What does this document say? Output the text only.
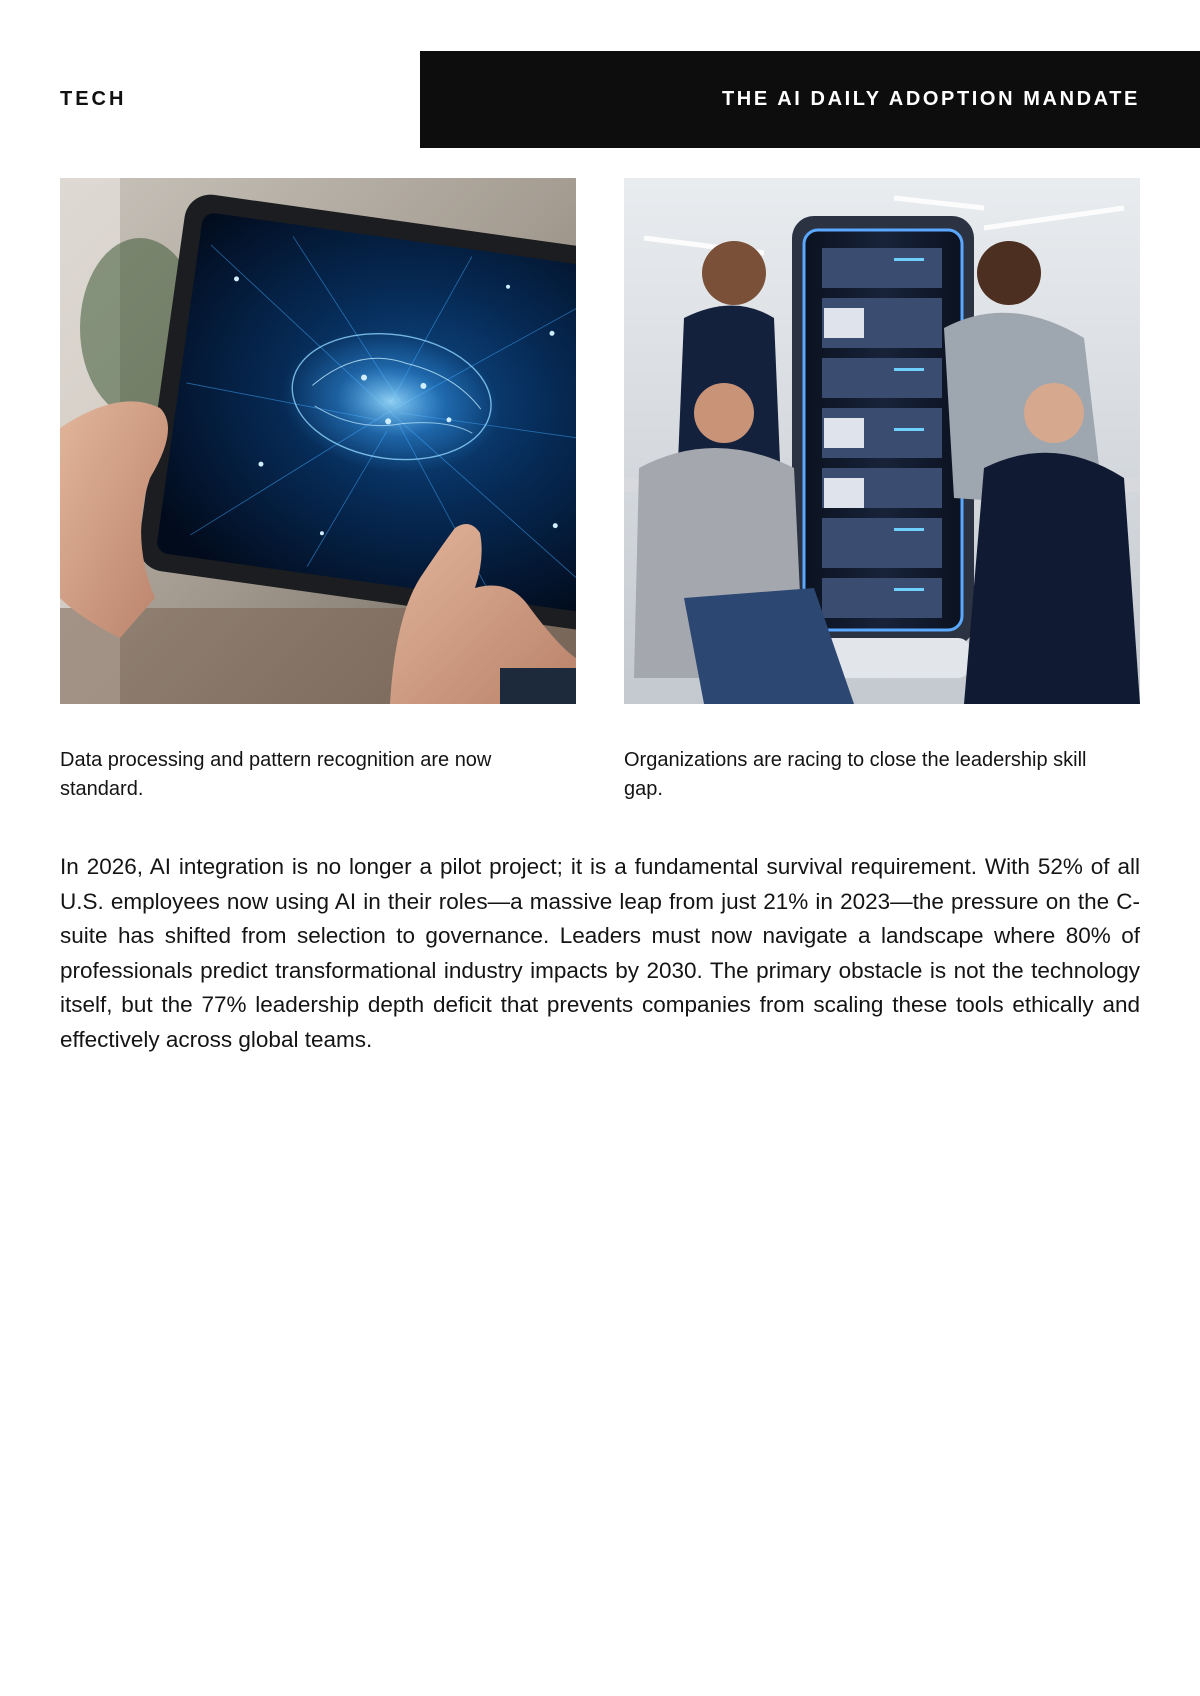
TECH	THE AI DAILY ADOPTION MANDATE
Data processing and pattern recognition are now standard.
Organizations are racing to close the leadership skill gap.

In 2026, AI integration is no longer a pilot project; it is a fundamental survival requirement. With 52% of all U.S. employees now using AI in their roles—a massive leap from just 21% in 2023—the pressure on the C-suite has shifted from selection to governance. Leaders must now navigate a landscape where 80% of professionals predict transformational industry impacts by 2030. The primary obstacle is not the technology itself, but the 77% leadership depth deficit that prevents companies from scaling these tools ethically and effectively across global teams.
